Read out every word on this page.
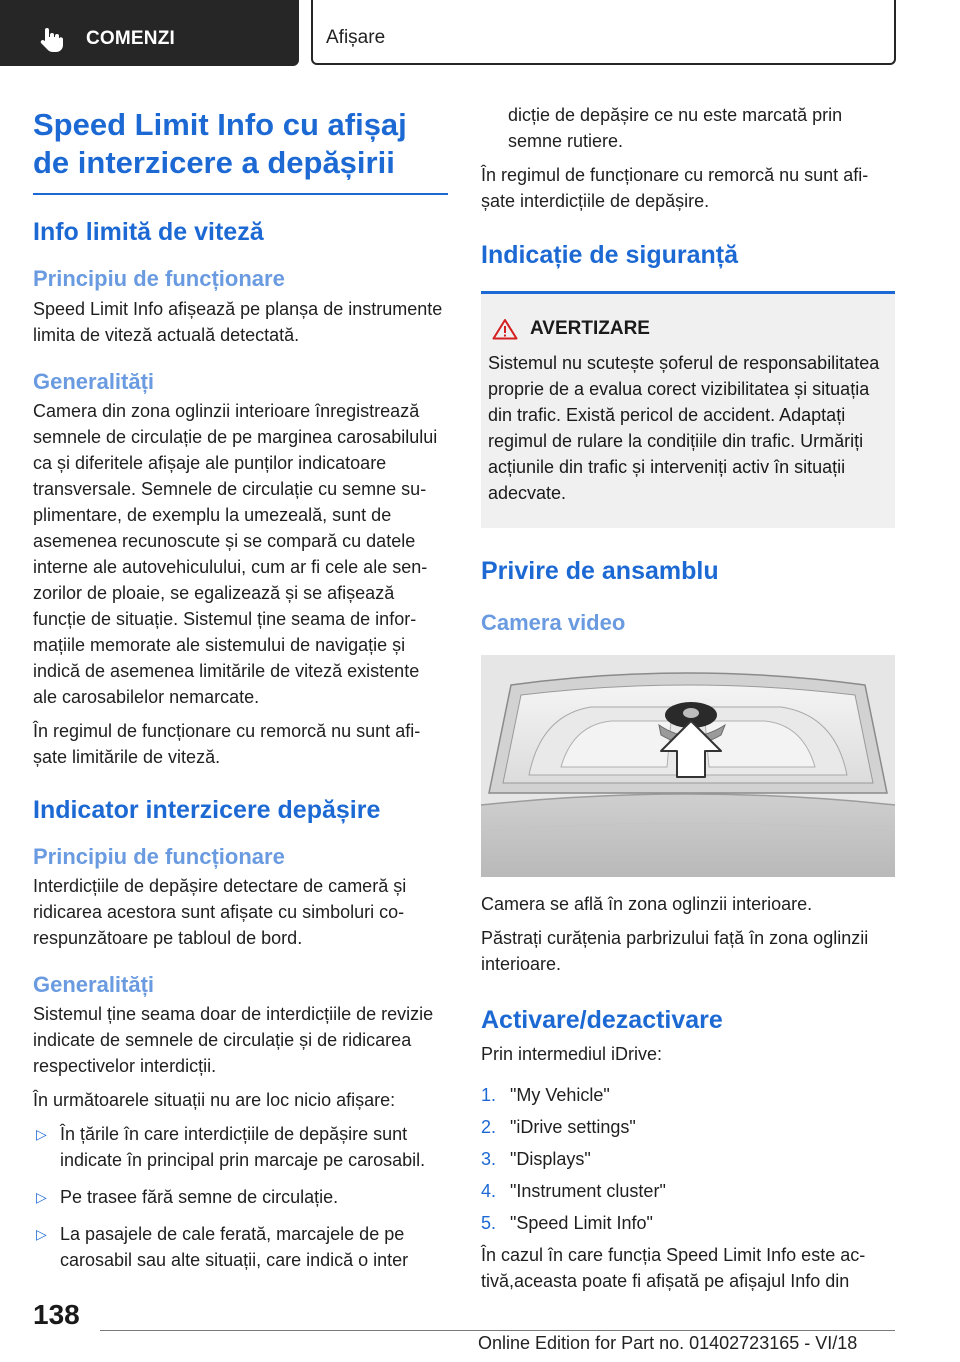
COMENZI	Afișare
Speed Limit Info cu afișaj de interzicere a depășirii
Info limită de viteză
Principiu de funcționare

Speed Limit Info afișează pe planșa de instrumente limita de viteză actuală detectată.

Generalități

Camera din zona oglinzii interioare înregistrează semnele de circulație de pe marginea carosabilului ca și diferitele afișaje ale punților indicatoare transversale. Semnele de circulație cu semne suplimentare, de exemplu la umezeală, sunt de asemenea recunoscute și se compară cu datele interne ale autovehiculului, cum ar fi cele ale senzorilor de ploaie, se egalizează și se afișează funcție de situație. Sistemul ține seama de informațiile memorate ale sistemului de navigație și indică de asemenea limitările de viteză existente ale carosabilelor nemarcate.

În regimul de funcționare cu remorcă nu sunt afișate limitările de viteză.

Indicator interzicere depășire
Principiu de funcționare

Interdicțiile de depășire detectare de cameră și ridicarea acestora sunt afișate cu simboluri corespunzătoare pe tabloul de bord.

Generalități

Sistemul ține seama doar de interdicțiile de revizie indicate de semnele de circulație și de ridicarea respectivelor interdicții.

În următoarele situații nu are loc nicio afișare:

▷ În țările în care interdicțiile de depășire sunt indicate în principal prin marcaje pe carosabil.
▷ Pe trasee fără semne de circulație.
▷ La pasajele de cale ferată, marcajele de pe carosabil sau alte situații, care indică o inter

dicție de depășire ce nu este marcată prin semne rutiere.

În regimul de funcționare cu remorcă nu sunt afișate interdicțiile de depășire.

Indicație de siguranță
AVERTIZARE

Sistemul nu scutește șoferul de responsabilitatea proprie de a evalua corect vizibilitatea și situația din trafic. Există pericol de accident. Adaptați regimul de rulare la condițiile din trafic. Urmăriți acțiunile din trafic și interveniți activ în situații adecvate.

Privire de ansamblu
Camera video

Camera se află în zona oglinzii interioare.

Păstrați curățenia parbrizului față în zona oglinzii interioare.

Activare/dezactivare

Prin intermediul iDrive:

1. "My Vehicle"
2. "iDrive settings"
3. "Displays"
4. "Instrument cluster"
5. "Speed Limit Info"

În cazul în care funcția Speed Limit Info este activă,aceasta poate fi afișată pe afișajul Info din

138
Online Edition for Part no. 01402723165 - VI/18
